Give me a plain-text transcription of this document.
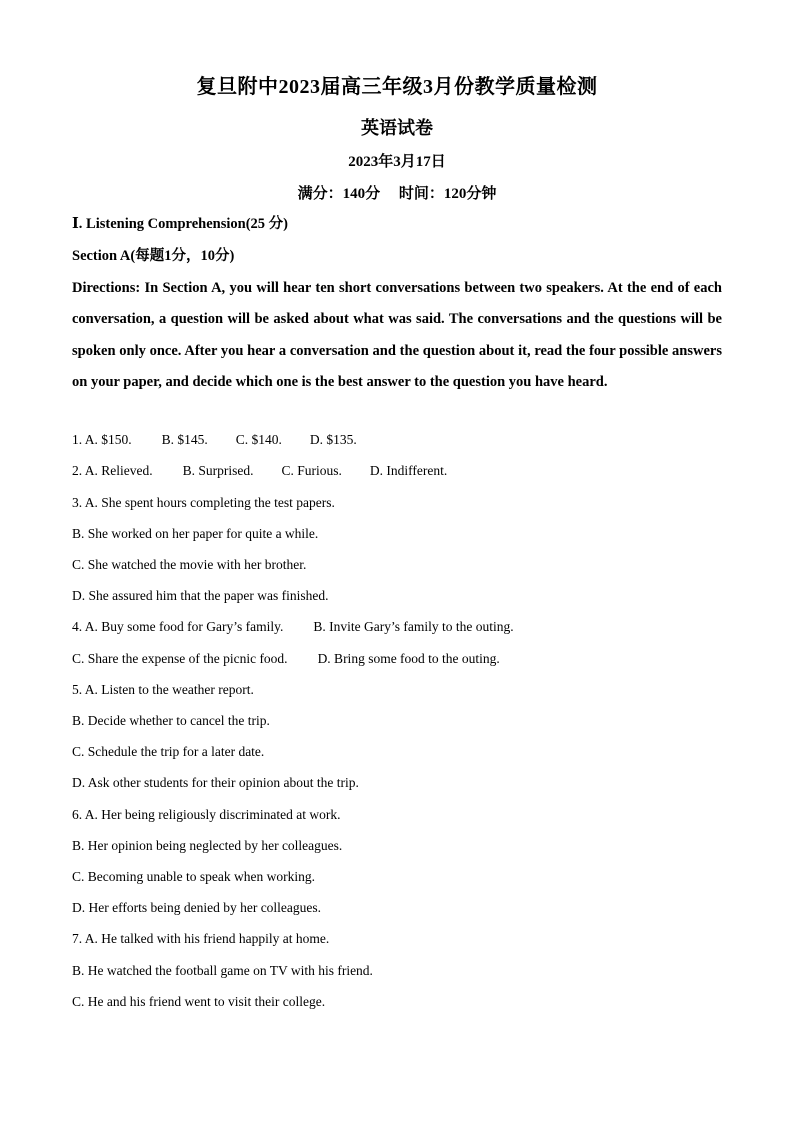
复旦附中2023届高三年级3月份教学质量检测
英语试卷
2023年3月17日
满分：140分　 时间：120分钟
Ⅰ. Listening Comprehension(25 分)
Section A(每题1分，10分)
Directions: In Section A, you will hear ten short conversations between two speakers. At the end of each conversation, a question will be asked about what was said. The conversations and the questions will be spoken only once. After you hear a conversation and the question about it, read the four possible answers on your paper, and decide which one is the best answer to the question you have heard.
1. A. $150. B. $145. C. $140. D. $135.
2. A. Relieved. B. Surprised. C. Furious. D. Indifferent.
3. A. She spent hours completing the test papers.
B. She worked on her paper for quite a while.
C. She watched the movie with her brother.
D. She assured him that the paper was finished.
4. A. Buy some food for Gary’s family. B. Invite Gary’s family to the outing.
C. Share the expense of the picnic food. D. Bring some food to the outing.
5. A. Listen to the weather report.
B. Decide whether to cancel the trip.
C. Schedule the trip for a later date.
D. Ask other students for their opinion about the trip.
6. A. Her being religiously discriminated at work.
B. Her opinion being neglected by her colleagues.
C. Becoming unable to speak when working.
D. Her efforts being denied by her colleagues.
7. A. He talked with his friend happily at home.
B. He watched the football game on TV with his friend.
C. He and his friend went to visit their college.
